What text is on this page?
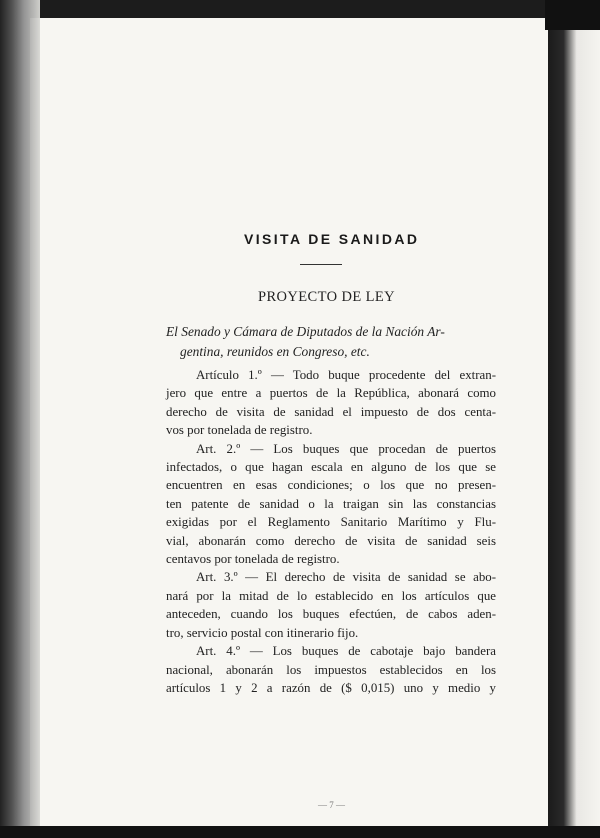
VISITA DE SANIDAD
PROYECTO DE LEY
El Senado y Cámara de Diputados de la Nación Ar-
gentina, reunidos en Congreso, etc.
Artículo 1.º — Todo buque procedente del extran-
jero que entre a puertos de la República, abonará como
derecho de visita de sanidad el impuesto de dos centa-
vos por tonelada de registro.
Art. 2.º — Los buques que procedan de puertos
infectados, o que hagan escala en alguno de los que se
encuentren en esas condiciones; o los que no presen-
ten patente de sanidad o la traigan sin las constancias
exigidas por el Reglamento Sanitario Marítimo y Flu-
vial, abonarán como derecho de visita de sanidad seis
centavos por tonelada de registro.
Art. 3.º — El derecho de visita de sanidad se abo-
nará por la mitad de lo establecido en los artículos que
anteceden, cuando los buques efectúen, de cabos aden-
tro, servicio postal con itinerario fijo.
Art. 4.º — Los buques de cabotaje bajo bandera
nacional, abonarán los impuestos establecidos en los
artículos 1 y 2 a razón de ($ 0,015) uno y medio y
— 7 —
